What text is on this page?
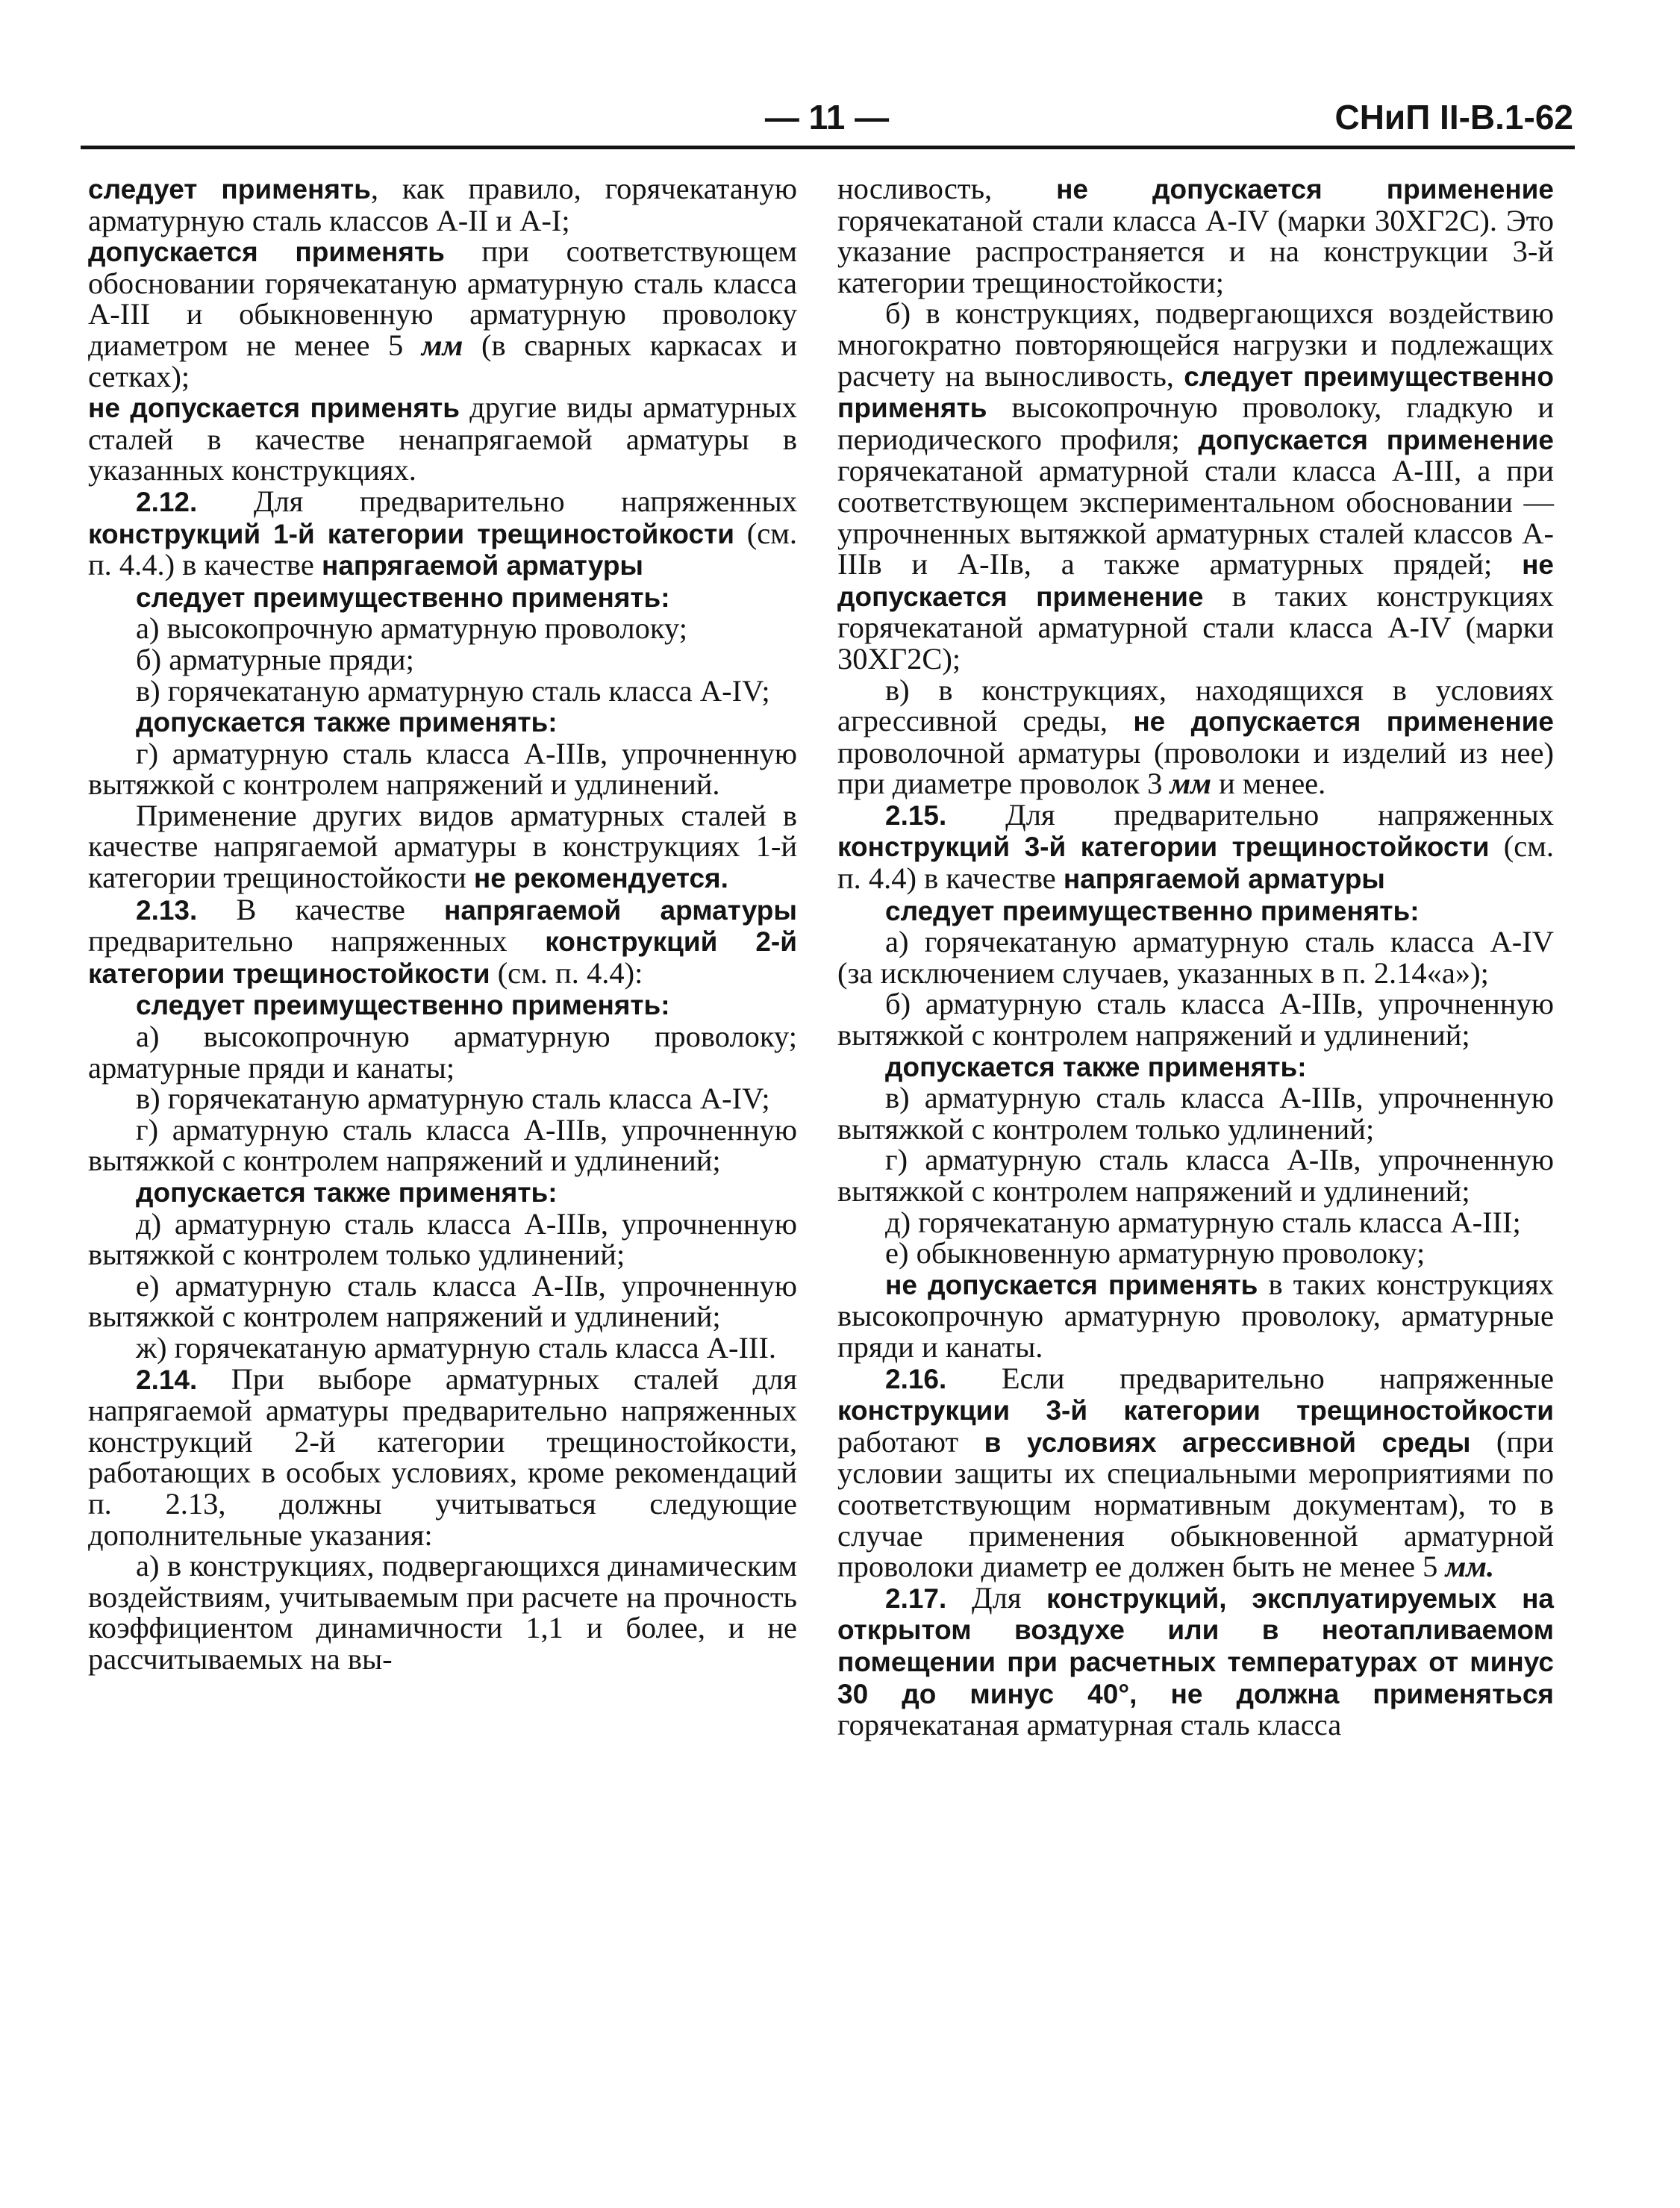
— 11 —	СНиП II-В.1-62

следует применять, как правило, горячекатаную арматурную сталь классов А-II и А-I;

допускается применять при соответствующем обосновании горячекатаную арматурную сталь класса А-III и обыкновенную арматурную проволоку диаметром не менее 5 мм (в сварных каркасах и сетках);

не допускается применять другие виды арматурных сталей в качестве ненапрягаемой арматуры в указанных конструкциях.

2.12. Для предварительно напряженных конструкций 1-й категории трещиностойкости (см. п. 4.4.) в качестве напрягаемой арматуры

следует преимущественно применять:

а) высокопрочную арматурную проволоку;

б) арматурные пряди;

в) горячекатаную арматурную сталь класса А-IV;

допускается также применять:

г) арматурную сталь класса А-IIIв, упрочненную вытяжкой с контролем напряжений и удлинений.

Применение других видов арматурных сталей в качестве напрягаемой арматуры в конструкциях 1-й категории трещиностойкости не рекомендуется.

2.13. В качестве напрягаемой арматуры предварительно напряженных конструкций 2-й категории трещиностойкости (см. п. 4.4):

следует преимущественно применять:

а) высокопрочную арматурную проволоку; арматурные пряди и канаты;

в) горячекатаную арматурную сталь класса А-IV;

г) арматурную сталь класса А-IIIв, упрочненную вытяжкой с контролем напряжений и удлинений;

допускается также применять:

д) арматурную сталь класса А-IIIв, упрочненную вытяжкой с контролем только удлинений;

е) арматурную сталь класса А-IIв, упрочненную вытяжкой с контролем напряжений и удлинений;

ж) горячекатаную арматурную сталь класса А-III.

2.14. При выборе арматурных сталей для напрягаемой арматуры предварительно напряженных конструкций 2-й категории трещиностойкости, работающих в особых условиях, кроме рекомендаций п. 2.13, должны учитываться следующие дополнительные указания:

а) в конструкциях, подвергающихся динамическим воздействиям, учитываемым при расчете на прочность коэффициентом динамичности 1,1 и более, и не рассчитываемых на вы-

носливость, не допускается применение горячекатаной стали класса А-IV (марки 30ХГ2С). Это указание распространяется и на конструкции 3-й категории трещиностойкости;

б) в конструкциях, подвергающихся воздействию многократно повторяющейся нагрузки и подлежащих расчету на выносливость, следует преимущественно применять высокопрочную проволоку, гладкую и периодического профиля; допускается применение горячекатаной арматурной стали класса А-III, а при соответствующем экспериментальном обосновании — упрочненных вытяжкой арматурных сталей классов А-IIIв и А-IIв, а также арматурных прядей; не допускается применение в таких конструкциях горячекатаной арматурной стали класса А-IV (марки 30ХГ2С);

в) в конструкциях, находящихся в условиях агрессивной среды, не допускается применение проволочной арматуры (проволоки и изделий из нее) при диаметре проволок 3 мм и менее.

2.15. Для предварительно напряженных конструкций 3-й категории трещиностойкости (см. п. 4.4) в качестве напрягаемой арматуры

следует преимущественно применять:

а) горячекатаную арматурную сталь класса А-IV (за исключением случаев, указанных в п. 2.14«а»);

б) арматурную сталь класса А-IIIв, упрочненную вытяжкой с контролем напряжений и удлинений;

допускается также применять:

в) арматурную сталь класса А-IIIв, упрочненную вытяжкой с контролем только удлинений;

г) арматурную сталь класса А-IIв, упрочненную вытяжкой с контролем напряжений и удлинений;

д) горячекатаную арматурную сталь класса А-III;

е) обыкновенную арматурную проволоку;

не допускается применять в таких конструкциях высокопрочную арматурную проволоку, арматурные пряди и канаты.

2.16. Если предварительно напряженные конструкции 3-й категории трещиностойкости работают в условиях агрессивной среды (при условии защиты их специальными мероприятиями по соответствующим нормативным документам), то в случае применения обыкновенной арматурной проволоки диаметр ее должен быть не менее 5 мм.

2.17. Для конструкций, эксплуатируемых на открытом воздухе или в неотапливаемом помещении при расчетных температурах от минус 30 до минус 40°, не должна применяться горячекатаная арматурная сталь класса
